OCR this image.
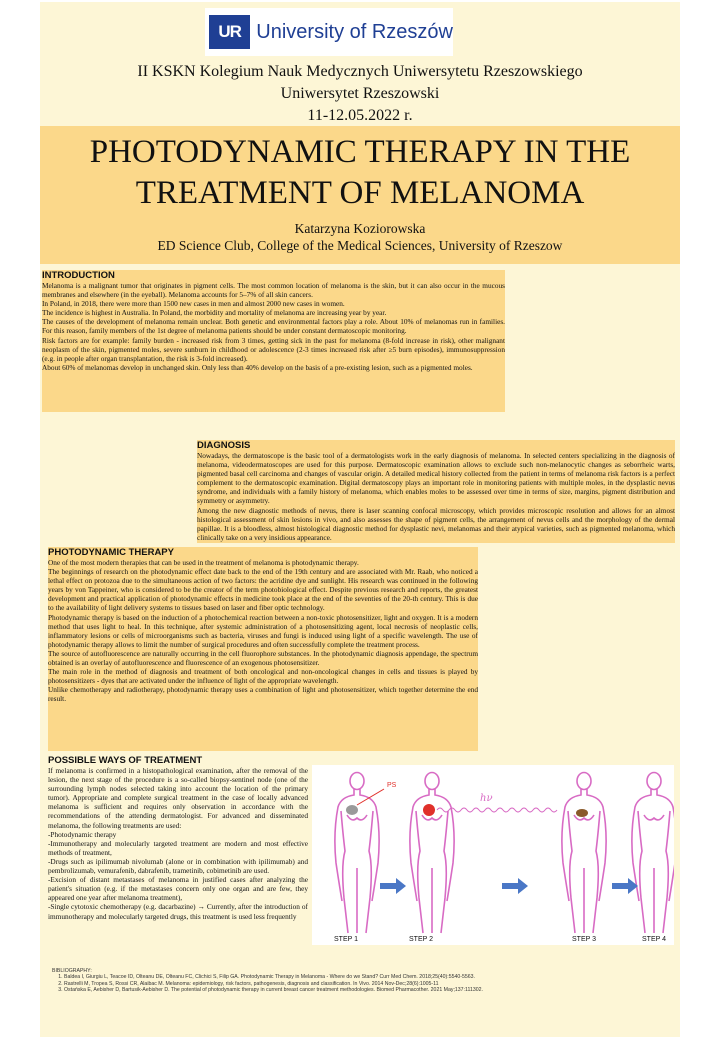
UR University of Rzeszów
II KSKN Kolegium Nauk Medycznych Uniwersytetu Rzeszowskiego
Uniwersytet Rzeszowski
11-12.05.2022 r.
PHOTODYNAMIC THERAPY IN THE
TREATMENT OF MELANOMA
Katarzyna Koziorowska
ED Science Club, College of the Medical Sciences, University of Rzeszow
INTRODUCTION

Melanoma is a malignant tumor that originates in pigment cells. The most common location of melanoma is the skin, but it can also occur in the mucous membranes and elsewhere (in the eyeball). Melanoma accounts for 5–7% of all skin cancers.

In Poland, in 2018, there were more than 1500 new cases in men and almost 2000 new cases in women.

The incidence is highest in Australia. In Poland, the morbidity and mortality of melanoma are increasing year by year.

The causes of the development of melanoma remain unclear. Both genetic and environmental factors play a role. About 10% of melanomas run in families. For this reason, family members of the 1st degree of melanoma patients should be under constant dermatoscopic monitoring.

Risk factors are for example: family burden - increased risk from 3 times, getting sick in the past for melanoma (8-fold increase in risk), other malignant neoplasm of the skin, pigmented moles, severe sunburn in childhood or adolescence (2-3 times increased risk after ≥5 burn episodes), immunosuppression (e.g. in people after organ transplantation, the risk is 3-fold increased).

About 60% of melanomas develop in unchanged skin. Only less than 40% develop on the basis of a pre-existing lesion, such as a pigmented moles.

DIAGNOSIS

Nowadays, the dermatoscope is the basic tool of a dermatologists work in the early diagnosis of melanoma. In selected centers specializing in the diagnosis of melanoma, videodermatoscopes are used for this purpose. Dermatoscopic examination allows to exclude such non-melanocytic changes as seborrheic warts, pigmented basal cell carcinoma and changes of vascular origin. A detailed medical history collected from the patient in terms of melanoma risk factors is a perfect complement to the dermatoscopic examination. Digital dermatoscopy plays an important role in monitoring patients with multiple moles, in the dysplastic nevus syndrome, and individuals with a family history of melanoma, which enables moles to be assessed over time in terms of size, margins, pigment distribution and symmetry or asymmetry.

Among the new diagnostic methods of nevus, there is laser scanning confocal microscopy, which provides microscopic resolution and allows for an almost histological assessment of skin lesions in vivo, and also assesses the shape of pigment cells, the arrangement of nevus cells and the morphology of the dermal papillae. It is a bloodless, almost histological diagnostic method for dysplastic nevi, melanomas and their atypical varieties, such as pigmented melanoma, which clinically take on a very insidious appearance.

PHOTODYNAMIC THERAPY

One of the most modern therapies that can be used in the treatment of melanoma is photodynamic therapy.

The beginnings of research on the photodynamic effect date back to the end of the 19th century and are associated with Mr. Raab, who noticed a lethal effect on protozoa due to the simultaneous action of two factors: the acridine dye and sunlight. His research was continued in the following years by von Tappeiner, who is considered to be the creator of the term photobiological effect. Despite previous research and reports, the greatest development and practical application of photodynamic effects in medicine took place at the end of the seventies of the 20-th century. This is due to the availability of light delivery systems to tissues based on laser and fiber optic technology.

Photodynamic therapy is based on the induction of a photochemical reaction between a non-toxic photosensitizer, light and oxygen. It is a modern method that uses light to heal. In this technique, after systemic administration of a photosensitizing agent, local necrosis of neoplastic cells, inflammatory lesions or cells of microorganisms such as bacteria, viruses and fungi is induced using light of a specific wavelength. The use of photodynamic therapy allows to limit the number of surgical procedures and often successfully complete the treatment process.

The source of autofluorescence are naturally occurring in the cell fluorophore substances. In the photodynamic diagnosis appendage, the spectrum obtained is an overlay of autofluorescence and fluorescence of an exogenous photosensitizer.

The main role in the method of diagnosis and treatment of both oncological and non-oncological changes in cells and tissues is played by photosensitizers - dyes that are activated under the influence of light of the appropriate wavelength.

Unlike chemotherapy and radiotherapy, photodynamic therapy uses a combination of light and photosensitizer, which together determine the end result.

POSSIBLE WAYS OF TREATMENT

If melanoma is confirmed in a histopathological examination, after the removal of the lesion, the next stage of the procedure is a so-called biopsy-sentinel node (one of the surrounding lymph nodes selected taking into account the location of the primary tumor). Appropriate and complete surgical treatment in the case of locally advanced melanoma is sufficient and requires only observation in accordance with the recommendations of the attending dermatologist. For advanced and disseminated melanoma, the following treatments are used:

-Photodynamic therapy

-Immunotherapy and molecularly targeted treatment are modern and most effective methods of treatment,

-Drugs such as ipilimumab nivolumab (alone or in combination with ipilimumab) and pembrolizumab, vemurafenib, dabrafenib, trametinib, cobimetinib are used.

-Excision of distant metastases of melanoma in justified cases after analyzing the patient's situation (e.g. if the metastases concern only one organ and are few, they appeared one year after melanoma treatment),

-Single cytotoxic chemotherapy (e.g. dacarbazine) → Currently, after the introduction of immunotherapy and molecularly targeted drugs, this treatment is used less frequently

PS
hν
STEP 1	STEP 2	STEP 3	STEP 4
BIBLIOGRAPHY:
1. Baldea I, Giurgiu L, Teacoe ID, Olteanu DE, Olteanu FC, Clichici S, Filip GA. Photodynamic Therapy in Melanoma - Where do we Stand? Curr Med Chem. 2018;25(40):5540-5563.
2. Rastrelli M, Tropea S, Rossi CR, Alaibac M. Melanoma: epidemiology, risk factors, pathogenesis, diagnosis and classification. In Vivo. 2014 Nov-Dec;28(6):1005-11
3. Ostańska E, Aebisher D, Bartusik-Aebisher D. The potential of photodynamic therapy in current breast cancer treatment methodologies. Biomed Pharmacother. 2021 May;137:111302.
